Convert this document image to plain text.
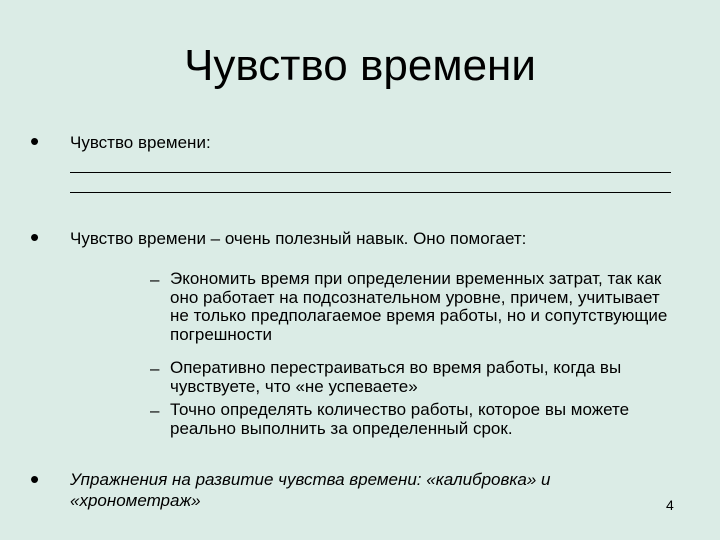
Чувство времени
• Чувство времени:
• Чувство времени – очень полезный навык. Оно помогает:
– Экономить время при определении временных затрат, так как оно работает на подсознательном уровне, причем, учитывает не только предполагаемое время работы, но и сопутствующие погрешности
– Оперативно перестраиваться во время работы, когда вы чувствуете, что «не успеваете»
– Точно определять количество работы, которое вы можете реально выполнить за определенный срок.
• Упражнения на развитие чувства времени: «калибровка» и «хронометраж»	4
